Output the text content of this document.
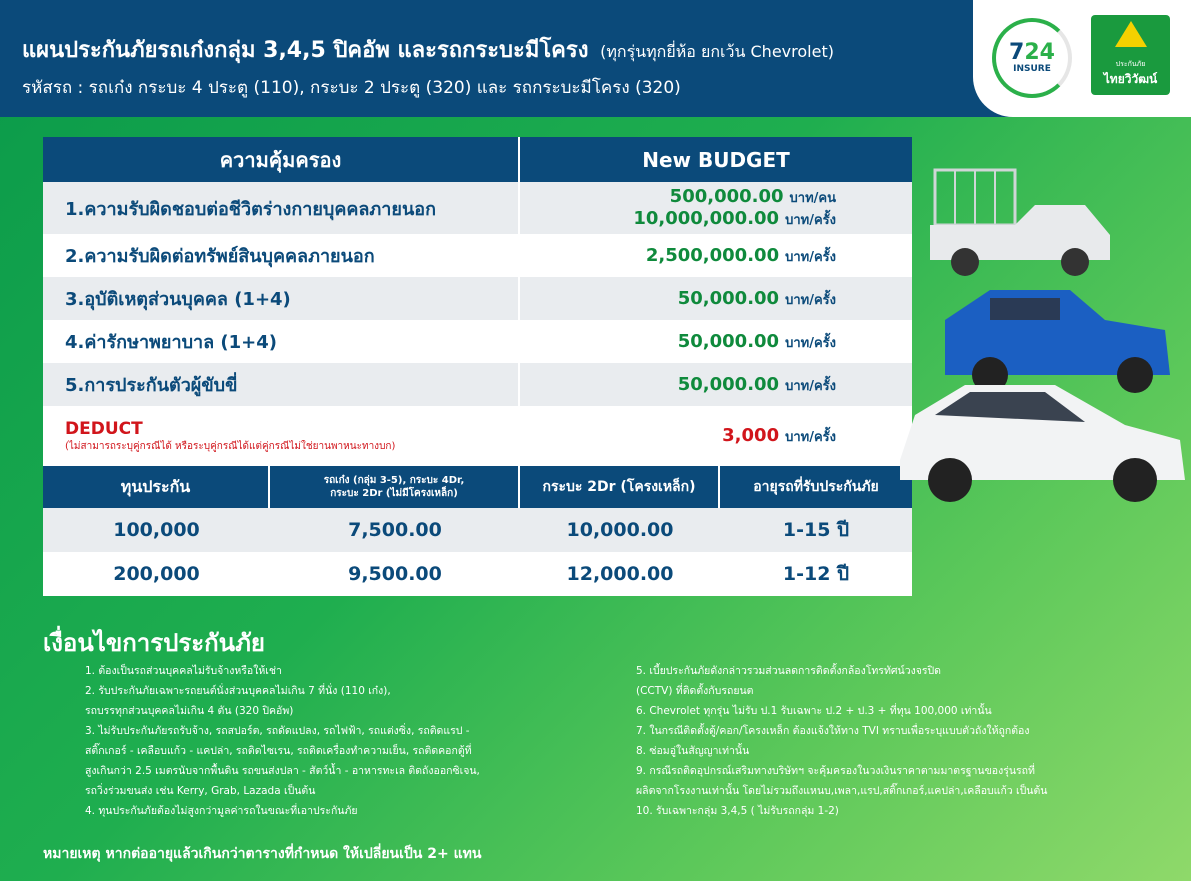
แผนประกันภัยรถเก๋งกลุ่ม 3,4,5 ปิคอัพ และรถกระบะมีโครง (ทุกรุ่นทุกยี่ห้อ ยกเว้น Chevrolet)
รหัสรถ : รถเก๋ง กระบะ 4 ประตู (110), กระบะ 2 ประตู (320) และ รถกระบะมีโครง (320)
724
INSURE	ประกันภัย
ไทยวิวัฒน์
ความคุ้มครอง	New BUDGET
1.ความรับผิดชอบต่อชีวิตร่างกายบุคคลภายนอก
500,000.00 บาท/คน
10,000,000.00 บาท/ครั้ง
2.ความรับผิดต่อทรัพย์สินบุคคลภายนอก	2,500,000.00 บาท/ครั้ง
3.อุบัติเหตุส่วนบุคคล (1+4)	50,000.00 บาท/ครั้ง
4.ค่ารักษาพยาบาล (1+4)	50,000.00 บาท/ครั้ง
5.การประกันตัวผู้ขับขี่	50,000.00 บาท/ครั้ง
DEDUCT
(ไม่สามารถระบุคู่กรณีได้ หรือระบุคู่กรณีได้แต่คู่กรณีไม่ใช่ยานพาหนะทางบก)	3,000 บาท/ครั้ง
ทุนประกัน	รถเก๋ง (กลุ่ม 3-5), กระบะ 4Dr,
กระบะ 2Dr (ไม่มีโครงเหล็ก)	กระบะ 2Dr (โครงเหล็ก)	อายุรถที่รับประกันภัย
100,000	7,500.00	10,000.00	1-15 ปี
200,000	9,500.00	12,000.00	1-12 ปี
เงื่อนไขการประกันภัย
1. ต้องเป็นรถส่วนบุคคลไม่รับจ้างหรือให้เช่า
2. รับประกันภัยเฉพาะรถยนต์นั่งส่วนบุคคลไม่เกิน 7 ที่นั่ง (110 เก๋ง),
รถบรรทุกส่วนบุคคลไม่เกิน 4 ตัน (320 ปิคอัพ)
3. ไม่รับประกันภัยรถรับจ้าง, รถสปอร์ต, รถดัดแปลง, รถไฟฟ้า, รถแต่งซิ่ง, รถติดแรป -
สติ๊กเกอร์ - เคลือบแก้ว - แคปล่า, รถติดไซเรน, รถติดเครื่องทำความเย็น, รถติดคอกตู้ที่
สูงเกินกว่า 2.5 เมตรนับจากพื้นดิน รถขนส่งปลา - สัตว์น้ำ - อาหารทะเล ติดถังออกซิเจน,
รถวิ่งร่วมขนส่ง เช่น Kerry, Grab, Lazada เป็นต้น
4. ทุนประกันภัยต้องไม่สูงกว่ามูลค่ารถในขณะที่เอาประกันภัย
5. เบี้ยประกันภัยดังกล่าวรวมส่วนลดการติดตั้งกล้องโทรทัศน์วงจรปิด
(CCTV) ที่ติดตั้งกับรถยนต
6. Chevrolet ทุกรุ่น ไม่รับ ป.1 รับเฉพาะ ป.2 + ป.3 + ที่ทุน 100,000 เท่านั้น
7. ในกรณีติดตั้งตู้/คอก/โครงเหล็ก ต้องแจ้งให้ทาง TVI ทราบเพื่อระบุแบบตัวถังให้ถูกต้อง
8. ซ่อมอู่ในสัญญาเท่านั้น
9. กรณีรถติดอุปกรณ์เสริมทางบริษัทฯ จะคุ้มครองในวงเงินราคาตามมาตรฐานของรุ่นรถที่
ผลิตจากโรงงานเท่านั้น โดยไม่รวมถึงแหนบ,เพลา,แรป,สติ๊กเกอร์,แคปล่า,เคลือบแก้ว เป็นต้น
10. รับเฉพาะกลุ่ม 3,4,5 ( ไม่รับรถกลุ่ม 1-2)
หมายเหตุ หากต่ออายุแล้วเกินกว่าตารางที่กำหนด ให้เปลี่ยนเป็น 2+ แทน
